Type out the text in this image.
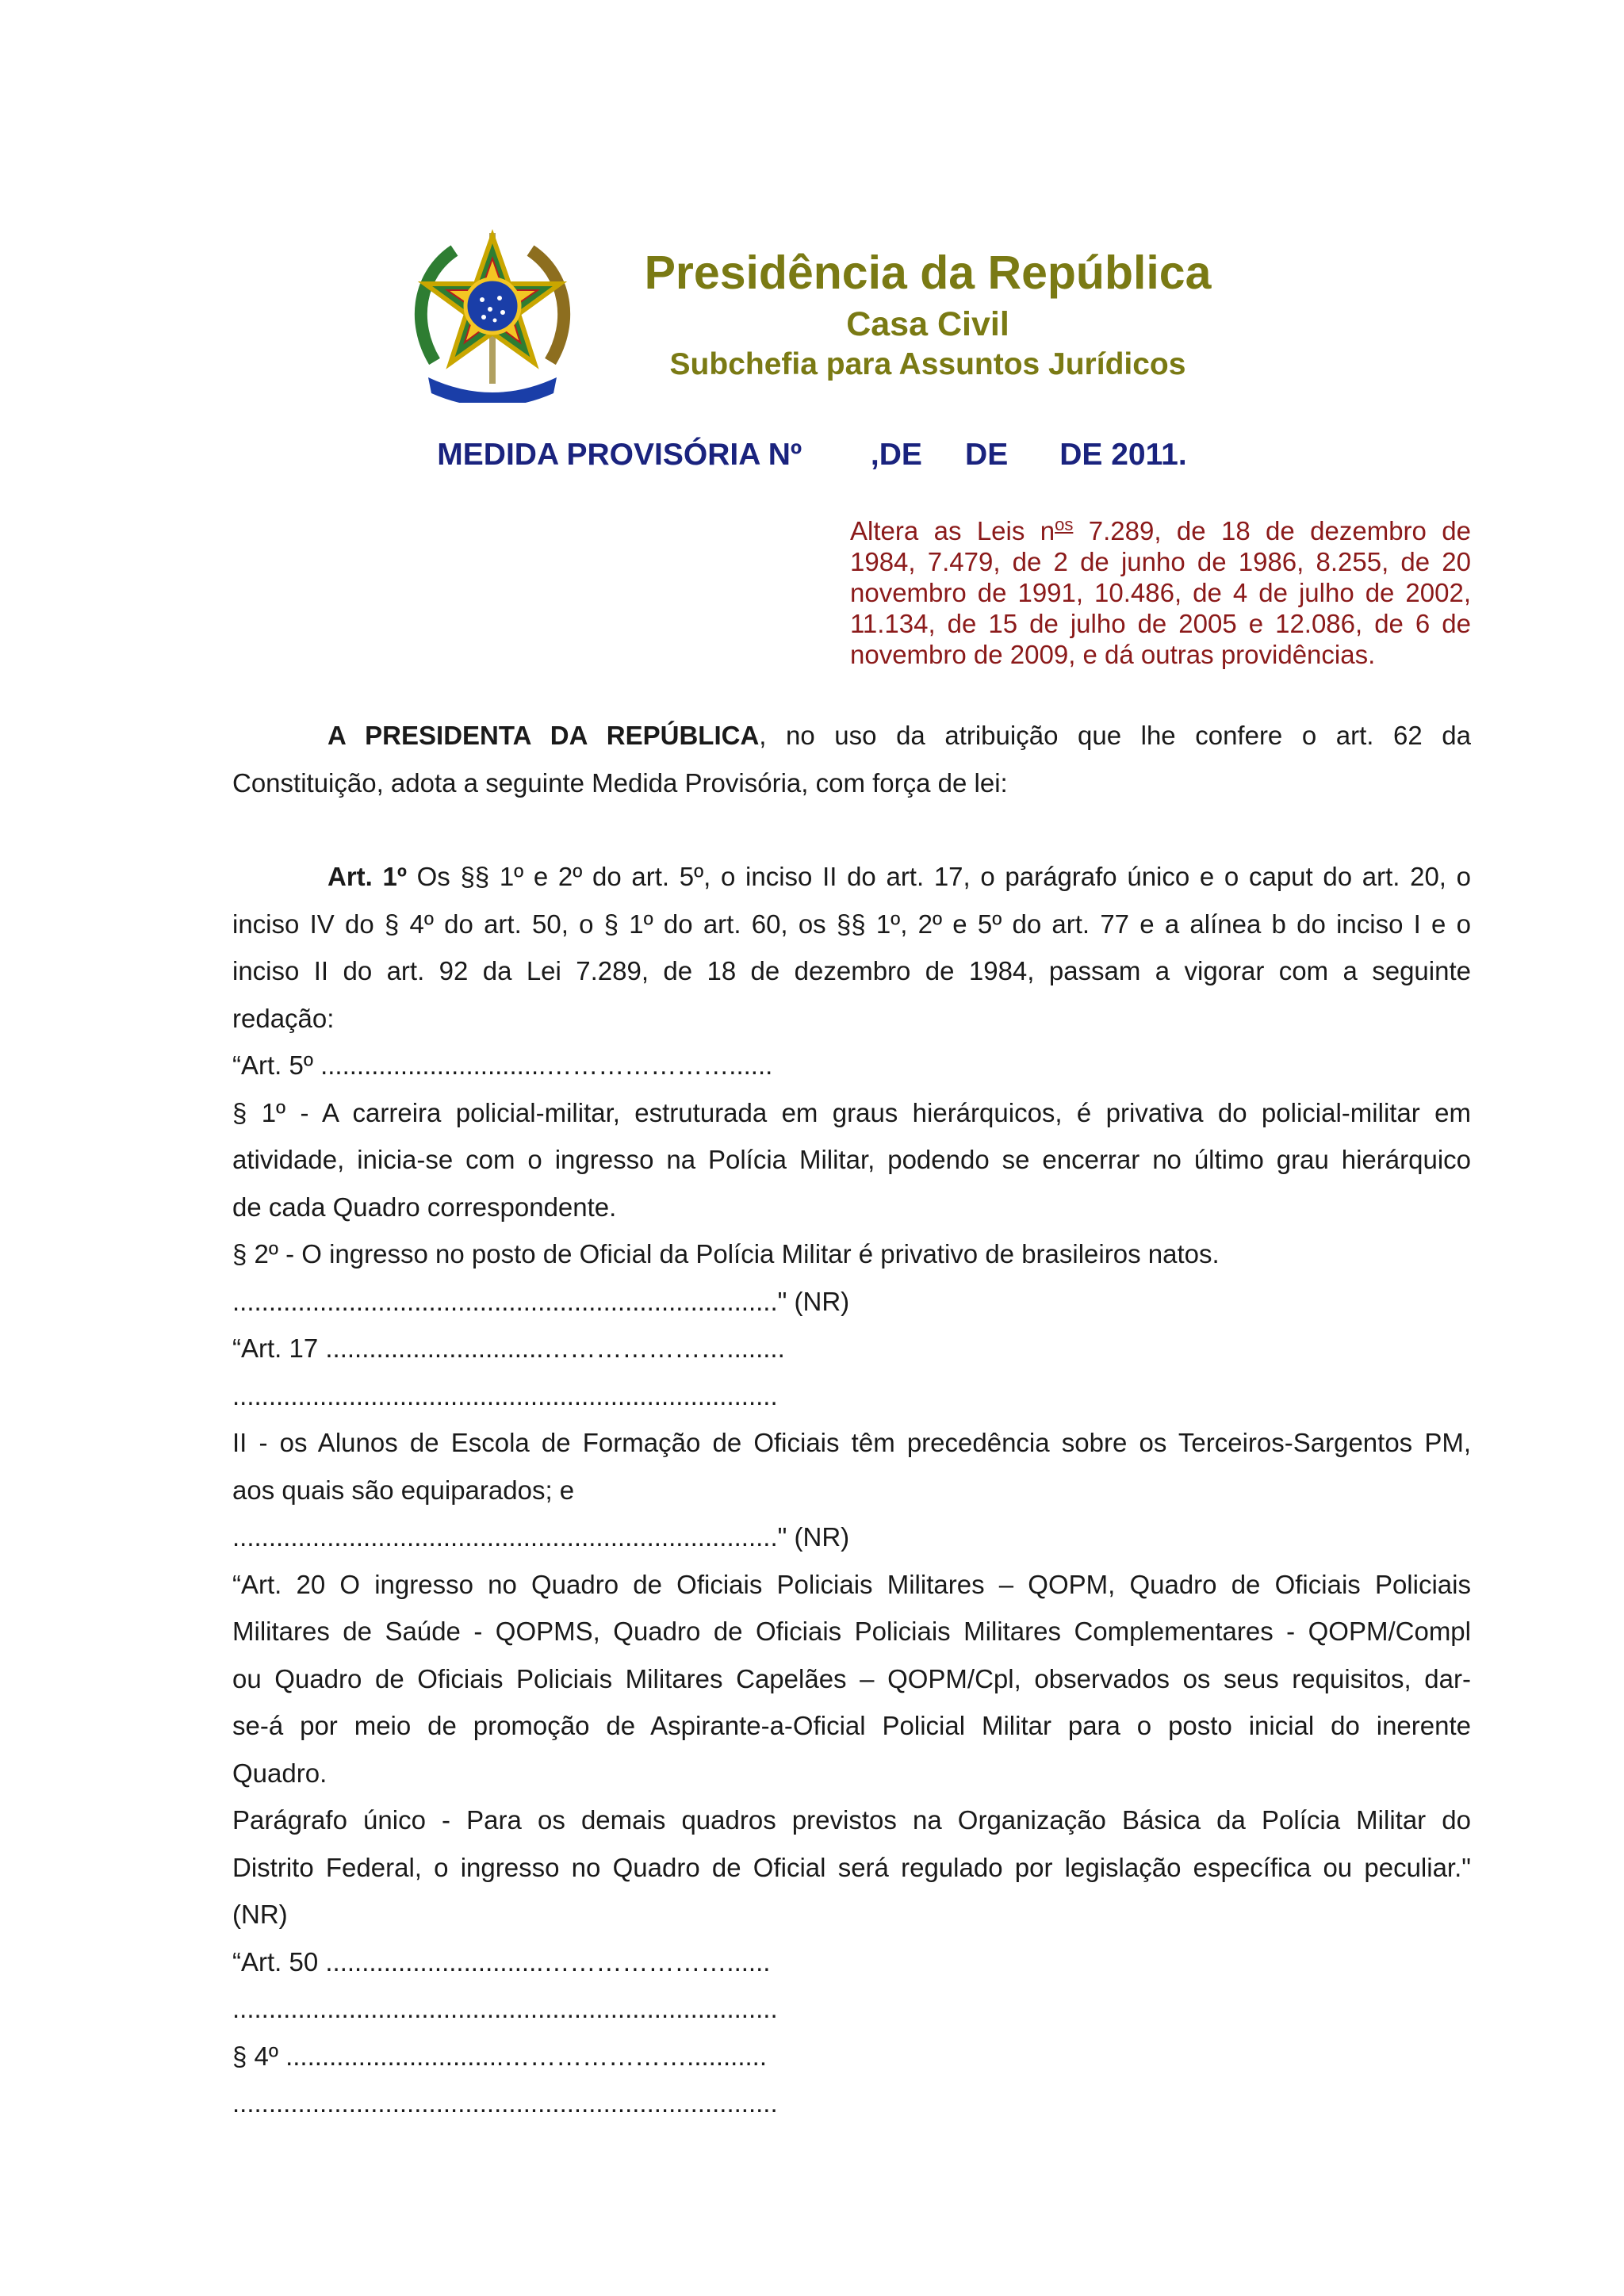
Presidência da República
Casa Civil
Subchefia para Assuntos Jurídicos
MEDIDA PROVISÓRIA Nº        ,DE     DE      DE 2011.
Altera as Leis $n^{os}$ 7.289, de 18 de dezembro de
1984, 7.479, de 2 de junho de 1986, 8.255, de 20
novembro de 1991, 10.486, de 4 de julho de 2002,
11.134, de 15 de julho de 2005 e 12.086, de 6 de
novembro de 2009, e dá outras providências.

A PRESIDENTA DA REPÚBLICA, no uso da atribuição que lhe confere o art. 62 da

Constituição, adota a seguinte Medida Provisória, com força de lei:

Art. 1º Os §§ 1º e 2º do art. 5º, o inciso II do art. 17, o parágrafo único e o caput do art. 20, o

inciso IV do § 4º do art. 50, o § 1º do art. 60, os §§ 1º, 2º e 5º do art. 77 e a alínea b do inciso I e o

inciso II do art. 92 da Lei 7.289, de 18 de dezembro de 1984, passam a vigorar com a seguinte

redação:

“Art. 5º ...............................…………………......

§ 1º - A carreira policial-militar, estruturada em graus hierárquicos, é privativa do policial-militar em

atividade, inicia-se com o ingresso na Polícia Militar, podendo se encerrar no último grau hierárquico

de cada Quadro correspondente.

§ 2º - O ingresso no posto de Oficial da Polícia Militar é privativo de brasileiros natos.

..........................................................................." (NR)

“Art. 17 ..............................…………………........

...........................................................................

II - os Alunos de Escola de Formação de Oficiais têm precedência sobre os Terceiros-Sargentos PM,

aos quais são equiparados; e

..........................................................................." (NR)

“Art. 20 O ingresso no Quadro de Oficiais Policiais Militares – QOPM, Quadro de Oficiais Policiais

Militares de Saúde - QOPMS, Quadro de Oficiais Policiais Militares Complementares - QOPM/Compl

ou Quadro de Oficiais Policiais Militares Capelães – QOPM/Cpl, observados os seus requisitos, dar-

se-á por meio de promoção de Aspirante-a-Oficial Policial Militar para o posto inicial do inerente

Quadro.

Parágrafo único - Para os demais quadros previstos na Organização Básica da Polícia Militar do

Distrito Federal, o ingresso no Quadro de Oficial será regulado por legislação específica ou peculiar."

(NR)

“Art. 50 ..............................…………………......

...........................................................................

§ 4º ..............................…………………...........

...........................................................................
